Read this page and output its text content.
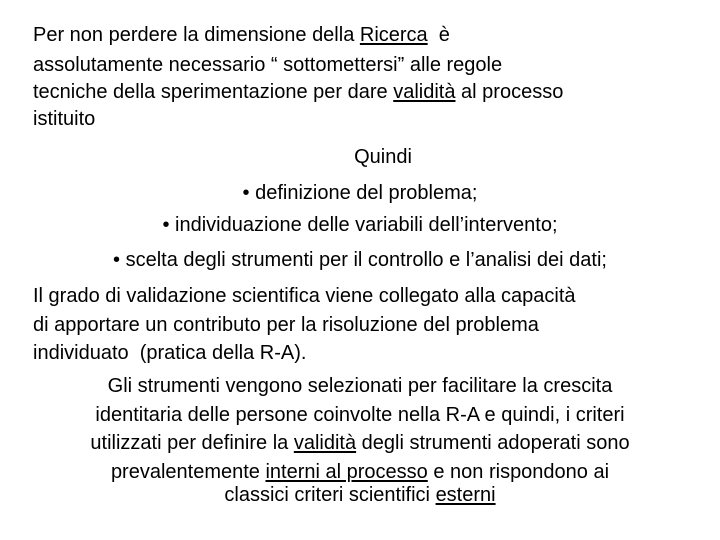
Per non perdere la dimensione della Ricerca  è
assolutamente necessario “ sottomettersi” alle regole
tecniche della sperimentazione per dare validità al processo
istituito
Quindi
• definizione del problema;
• individuazione delle variabili dell’intervento;
• scelta degli strumenti per il controllo e l’analisi dei dati;
Il grado di validazione scientifica viene collegato alla capacità
di apportare un contributo per la risoluzione del problema
individuato  (pratica della R-A).
Gli strumenti vengono selezionati per facilitare la crescita
identitaria delle persone coinvolte nella R-A e quindi, i criteri
utilizzati per definire la validità degli strumenti adoperati sono
prevalentemente interni al processo e non rispondono ai
classici criteri scientifici esterni
